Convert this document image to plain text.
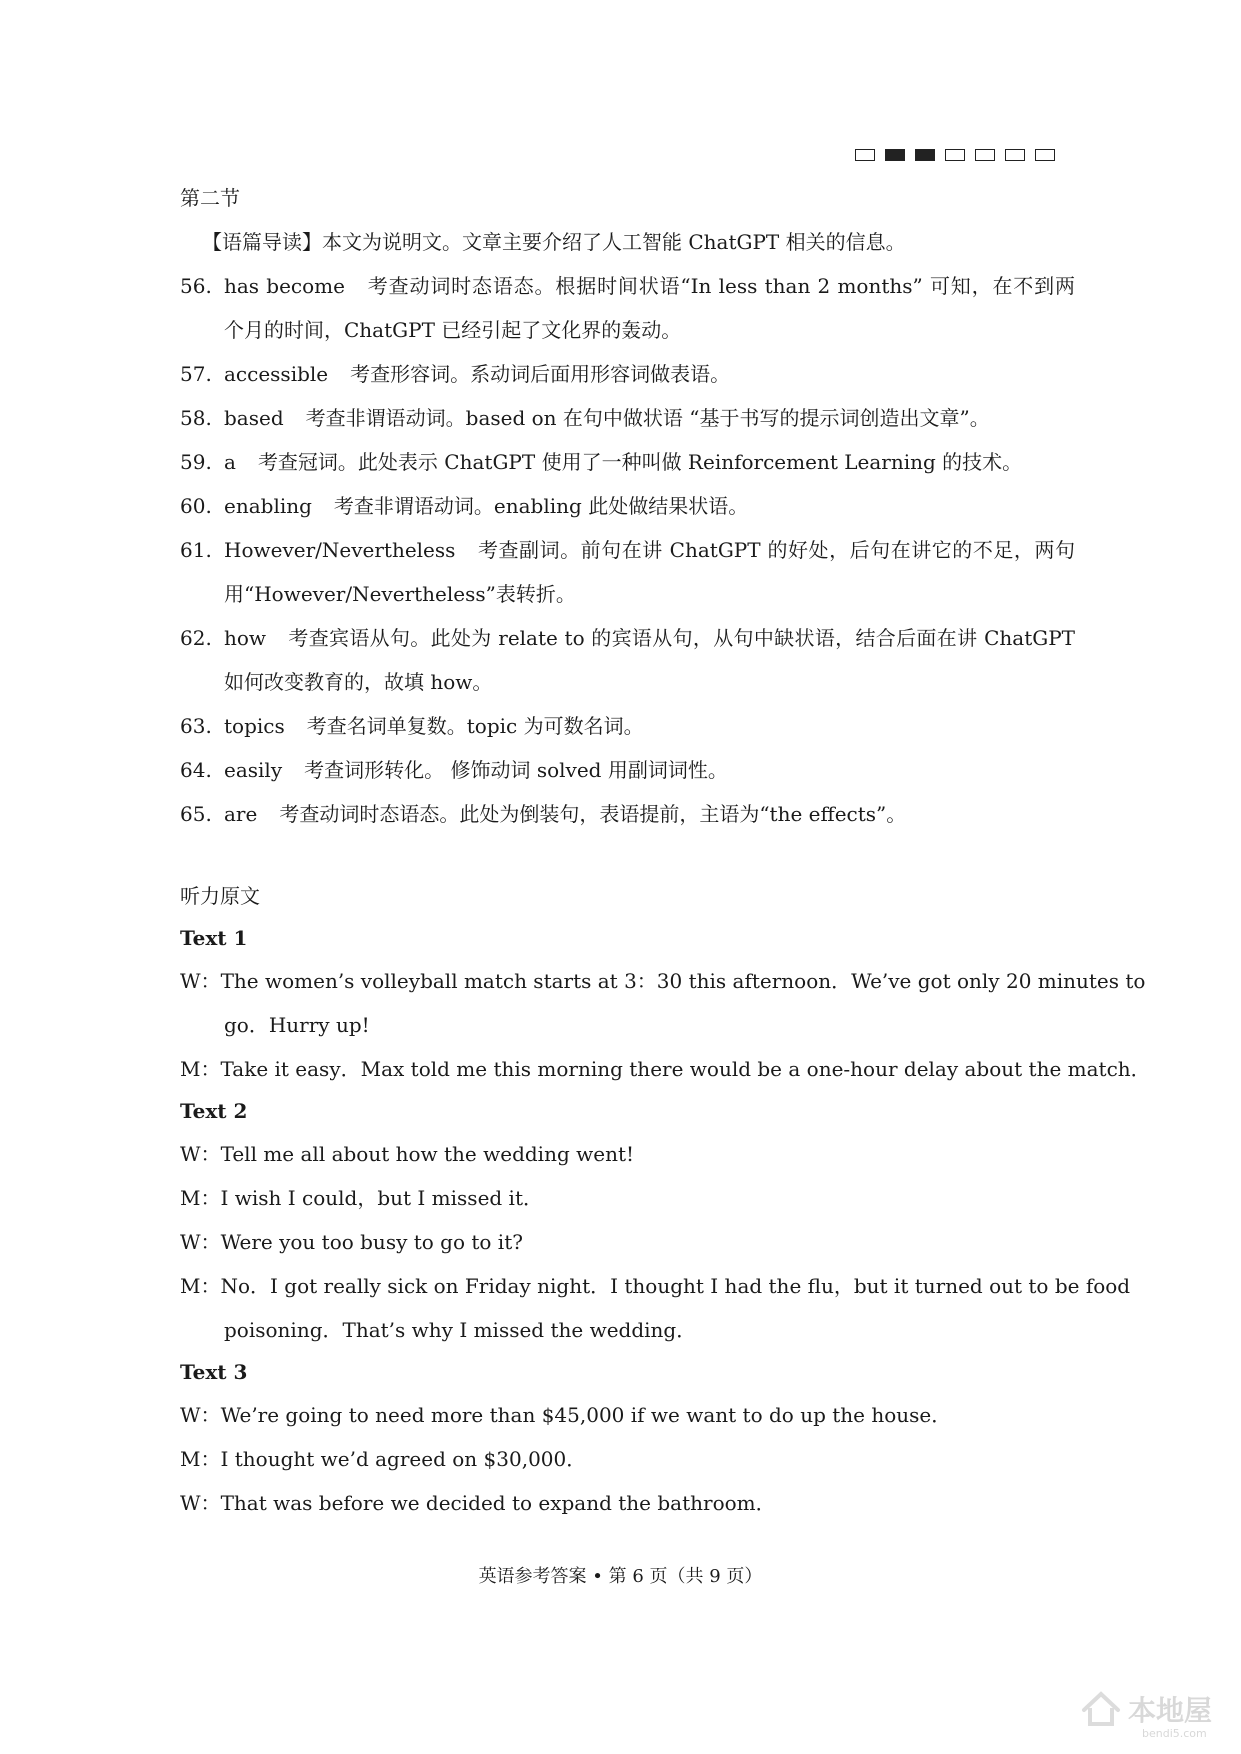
第二节
【语篇导读】本文为说明文。文章主要介绍了人工智能 ChatGPT 相关的信息。
56. has become 考查动词时态语态。根据时间状语“In less than 2 months” 可知，在不到两
个月的时间，ChatGPT 已经引起了文化界的轰动。
57. accessible 考查形容词。系动词后面用形容词做表语。
58. based 考查非谓语动词。based on 在句中做状语 “基于书写的提示词创造出文章”。
59. a 考查冠词。此处表示 ChatGPT 使用了一种叫做 Reinforcement Learning 的技术。
60. enabling 考查非谓语动词。enabling 此处做结果状语。
61. However/Nevertheless 考查副词。前句在讲 ChatGPT 的好处，后句在讲它的不足，两句
用“However/Nevertheless”表转折。
62. how 考查宾语从句。此处为 relate to 的宾语从句，从句中缺状语，结合后面在讲 ChatGPT
如何改变教育的，故填 how。
63. topics 考查名词单复数。topic 为可数名词。
64. easily 考查词形转化。 修饰动词 solved 用副词词性。
65. are 考查动词时态语态。此处为倒装句，表语提前，主语为“the effects”。
听力原文
Text 1
W：The women’s volleyball match starts at 3：30 this afternoon．We’ve got only 20 minutes to
go．Hurry up!
M：Take it easy．Max told me this morning there would be a one-hour delay about the match．
Text 2
W：Tell me all about how the wedding went!
M：I wish I could，but I missed it．
W：Were you too busy to go to it?
M：No．I got really sick on Friday night．I thought I had the flu，but it turned out to be food
poisoning．That’s why I missed the wedding．
Text 3
W：We’re going to need more than $45,000 if we want to do up the house．
M：I thought we’d agreed on $30,000．
W：That was before we decided to expand the bathroom．
英语参考答案 • 第 6 页（共 9 页）
本地屋
bendi5.com
